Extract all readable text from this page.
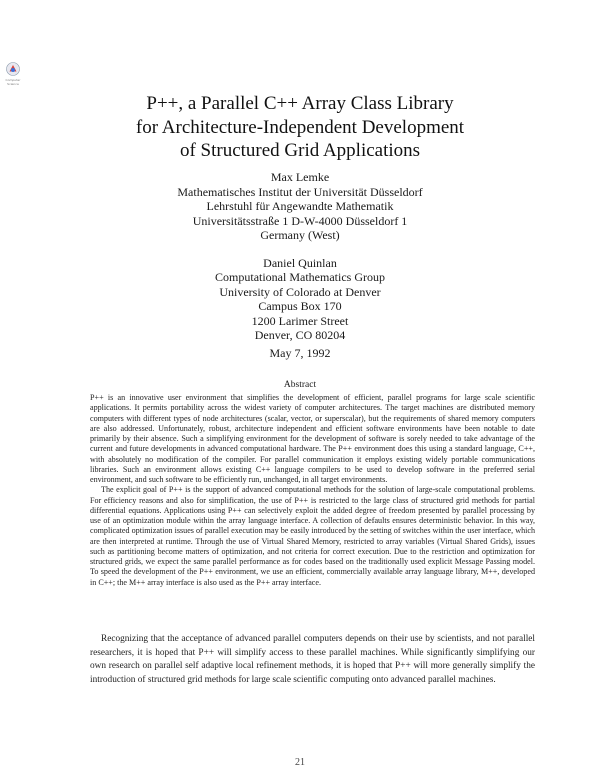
Computer Science
P++, a Parallel C++ Array Class Library
for Architecture-Independent Development
of Structured Grid Applications
Max Lemke
Mathematisches Institut der Universität Düsseldorf
Lehrstuhl für Angewandte Mathematik
Universitätsstraße 1 D-W-4000 Düsseldorf 1
Germany (West)
Daniel Quinlan
Computational Mathematics Group
University of Colorado at Denver
Campus Box 170
1200 Larimer Street
Denver, CO 80204
May 7, 1992
Abstract

P++ is an innovative user environment that simplifies the development of efficient, parallel programs for large scale scientific applications. It permits portability across the widest variety of computer architectures. The target machines are distributed memory computers with different types of node architectures (scalar, vector, or superscalar), but the requirements of shared memory computers are also addressed. Unfortunately, robust, architecture independent and efficient software environments have been notable to date primarily by their absence. Such a simplifying environment for the development of software is sorely needed to take advantage of the current and future developments in advanced computational hardware. The P++ environment does this using a standard language, C++, with absolutely no modification of the compiler. For parallel communication it employs existing widely portable communications libraries. Such an environment allows existing C++ language compilers to be used to develop software in the preferred serial environment, and such software to be efficiently run, unchanged, in all target environments.

The explicit goal of P++ is the support of advanced computational methods for the solution of large-scale computational problems. For efficiency reasons and also for simplification, the use of P++ is restricted to the large class of structured grid methods for partial differential equations. Applications using P++ can selectively exploit the added degree of freedom presented by parallel processing by use of an optimization module within the array language interface. A collection of defaults ensures deterministic behavior. In this way, complicated optimization issues of parallel execution may be easily introduced by the setting of switches within the user interface, which are then interpreted at runtime. Through the use of Virtual Shared Memory, restricted to array variables (Virtual Shared Grids), issues such as partitioning become matters of optimization, and not criteria for correct execution. Due to the restriction and optimization for structured grids, we expect the same parallel performance as for codes based on the traditionally used explicit Message Passing model. To speed the development of the P++ environment, we use an efficient, commercially available array language library, M++, developed in C++; the M++ array interface is also used as the P++ array interface.

Recognizing that the acceptance of advanced parallel computers depends on their use by scientists, and not parallel researchers, it is hoped that P++ will simplify access to these parallel machines. While significantly simplifying our own research on parallel self adaptive local refinement methods, it is hoped that P++ will more generally simplify the introduction of structured grid methods for large scale scientific computing onto advanced parallel machines.

21
